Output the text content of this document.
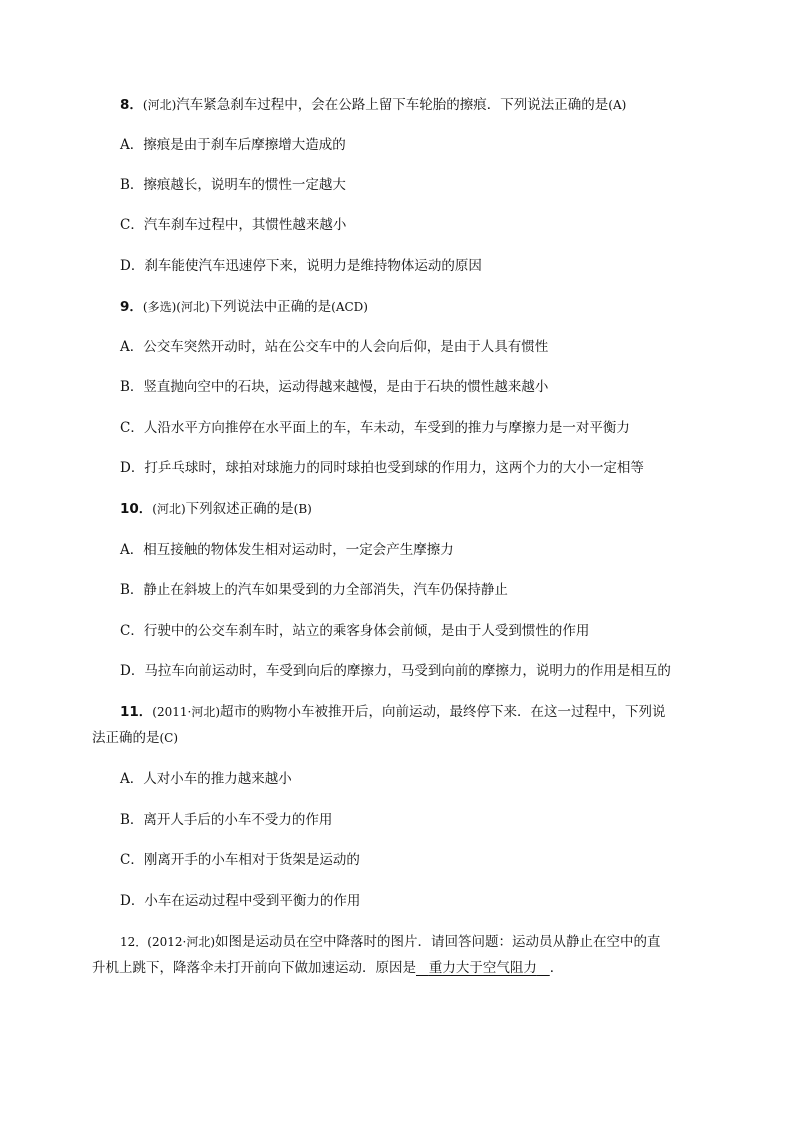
8．(河北)汽车紧急刹车过程中，会在公路上留下车轮胎的擦痕．下列说法正确的是(A)
A．擦痕是由于刹车后摩擦增大造成的
B．擦痕越长，说明车的惯性一定越大
C．汽车刹车过程中，其惯性越来越小
D．刹车能使汽车迅速停下来，说明力是维持物体运动的原因
9．(多选)(河北)下列说法中正确的是(ACD)
A．公交车突然开动时，站在公交车中的人会向后仰，是由于人具有惯性
B．竖直抛向空中的石块，运动得越来越慢，是由于石块的惯性越来越小
C．人沿水平方向推停在水平面上的车，车未动，车受到的推力与摩擦力是一对平衡力
D．打乒乓球时，球拍对球施力的同时球拍也受到球的作用力，这两个力的大小一定相等
10．(河北)下列叙述正确的是(B)
A．相互接触的物体发生相对运动时，一定会产生摩擦力
B．静止在斜坡上的汽车如果受到的力全部消失，汽车仍保持静止
C．行驶中的公交车刹车时，站立的乘客身体会前倾，是由于人受到惯性的作用
D．马拉车向前运动时，车受到向后的摩擦力，马受到向前的摩擦力，说明力的作用是相互的
11．(2011·河北)超市的购物小车被推开后，向前运动，最终停下来．在这一过程中，下列说
法正确的是(C)
A．人对小车的推力越来越小
B．离开人手后的小车不受力的作用
C．刚离开手的小车相对于货架是运动的
D．小车在运动过程中受到平衡力的作用
12．(2012·河北)如图是运动员在空中降落时的图片．请回答问题：运动员从静止在空中的直
升机上跳下，降落伞未打开前向下做加速运动．原因是 重力大于空气阻力 ．
